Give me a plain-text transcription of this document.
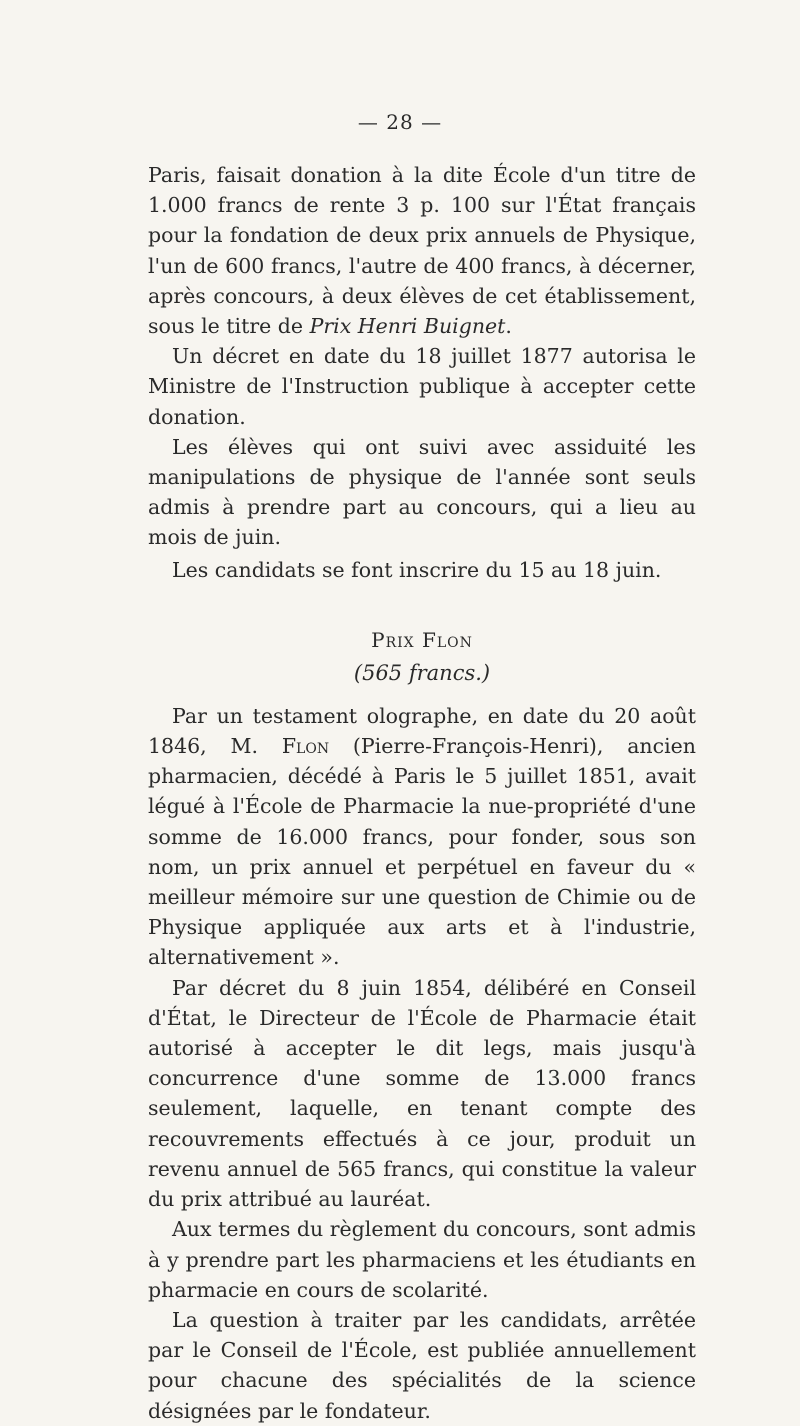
— 28 —

Paris, faisait donation à la dite École d'un titre de 1.000 francs de rente 3 p. 100 sur l'État français pour la fondation de deux prix annuels de Physique, l'un de 600 francs, l'autre de 400 francs, à décerner, après concours, à deux élèves de cet établissement, sous le titre de Prix Henri Buignet.

Un décret en date du 18 juillet 1877 autorisa le Ministre de l'Instruction publique à accepter cette donation.

Les élèves qui ont suivi avec assiduité les manipulations de physique de l'année sont seuls admis à prendre part au concours, qui a lieu au mois de juin.

Les candidats se font inscrire du 15 au 18 juin.

Prix Flon
(565 francs.)

Par un testament olographe, en date du 20 août 1846, M. Flon (Pierre-François-Henri), ancien pharmacien, décédé à Paris le 5 juillet 1851, avait légué à l'École de Pharmacie la nue-propriété d'une somme de 16.000 francs, pour fonder, sous son nom, un prix annuel et perpétuel en faveur du « meilleur mémoire sur une question de Chimie ou de Physique appliquée aux arts et à l'industrie, alternativement ».

Par décret du 8 juin 1854, délibéré en Conseil d'État, le Directeur de l'École de Pharmacie était autorisé à accepter le dit legs, mais jusqu'à concurrence d'une somme de 13.000 francs seulement, laquelle, en tenant compte des recouvrements effectués à ce jour, produit un revenu annuel de 565 francs, qui constitue la valeur du prix attribué au lauréat.

Aux termes du règlement du concours, sont admis à y prendre part les pharmaciens et les étudiants en pharmacie en cours de scolarité.

La question à traiter par les candidats, arrêtée par le Conseil de l'École, est publiée annuellement pour chacune des spécialités de la science désignées par le fondateur.
